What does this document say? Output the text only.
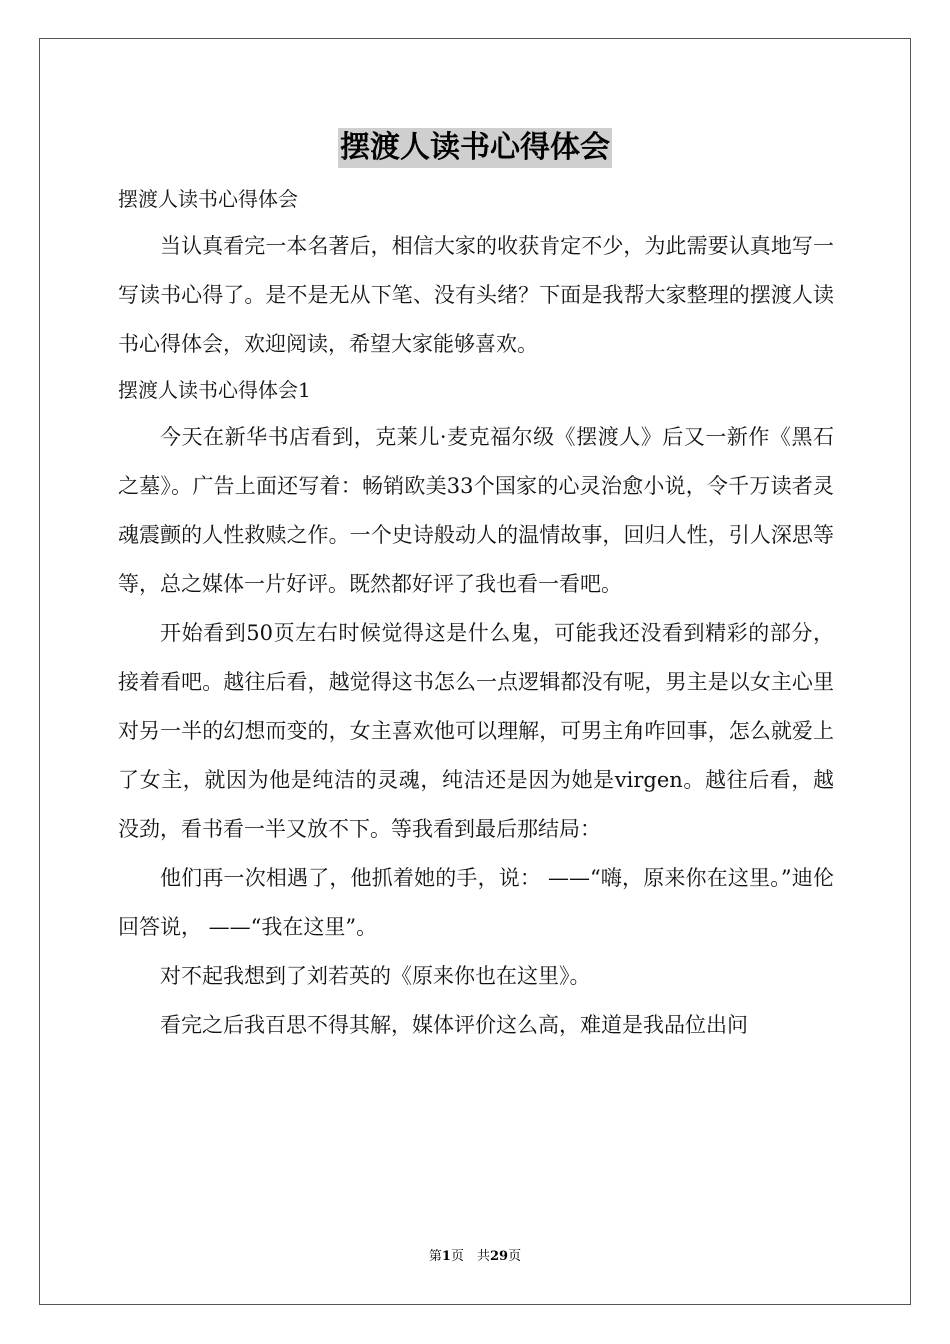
摆渡人读书心得体会

摆渡人读书心得体会

当认真看完一本名著后，相信大家的收获肯定不少，为此需要认真地写一写读书心得了。是不是无从下笔、没有头绪？下面是我帮大家整理的摆渡人读书心得体会，欢迎阅读，希望大家能够喜欢。

摆渡人读书心得体会1

今天在新华书店看到，克莱儿·麦克福尔级《摆渡人》后又一新作《黑石之墓》。广告上面还写着：畅销欧美33个国家的心灵治愈小说，令千万读者灵魂震颤的人性救赎之作。一个史诗般动人的温情故事，回归人性，引人深思等等，总之媒体一片好评。既然都好评了我也看一看吧。

开始看到50页左右时候觉得这是什么鬼，可能我还没看到精彩的部分，接着看吧。越往后看，越觉得这书怎么一点逻辑都没有呢，男主是以女主心里对另一半的幻想而变的，女主喜欢他可以理解，可男主角咋回事，怎么就爱上了女主，就因为他是纯洁的灵魂，纯洁还是因为她是virgen。越往后看，越没劲，看书看一半又放不下。等我看到最后那结局：

他们再一次相遇了，他抓着她的手，说： ——“嗨，原来你在这里。”迪伦回答说， ——“我在这里”。

对不起我想到了刘若英的《原来你也在这里》。

看完之后我百思不得其解，媒体评价这么高，难道是我品位出问

第1页　共29页
